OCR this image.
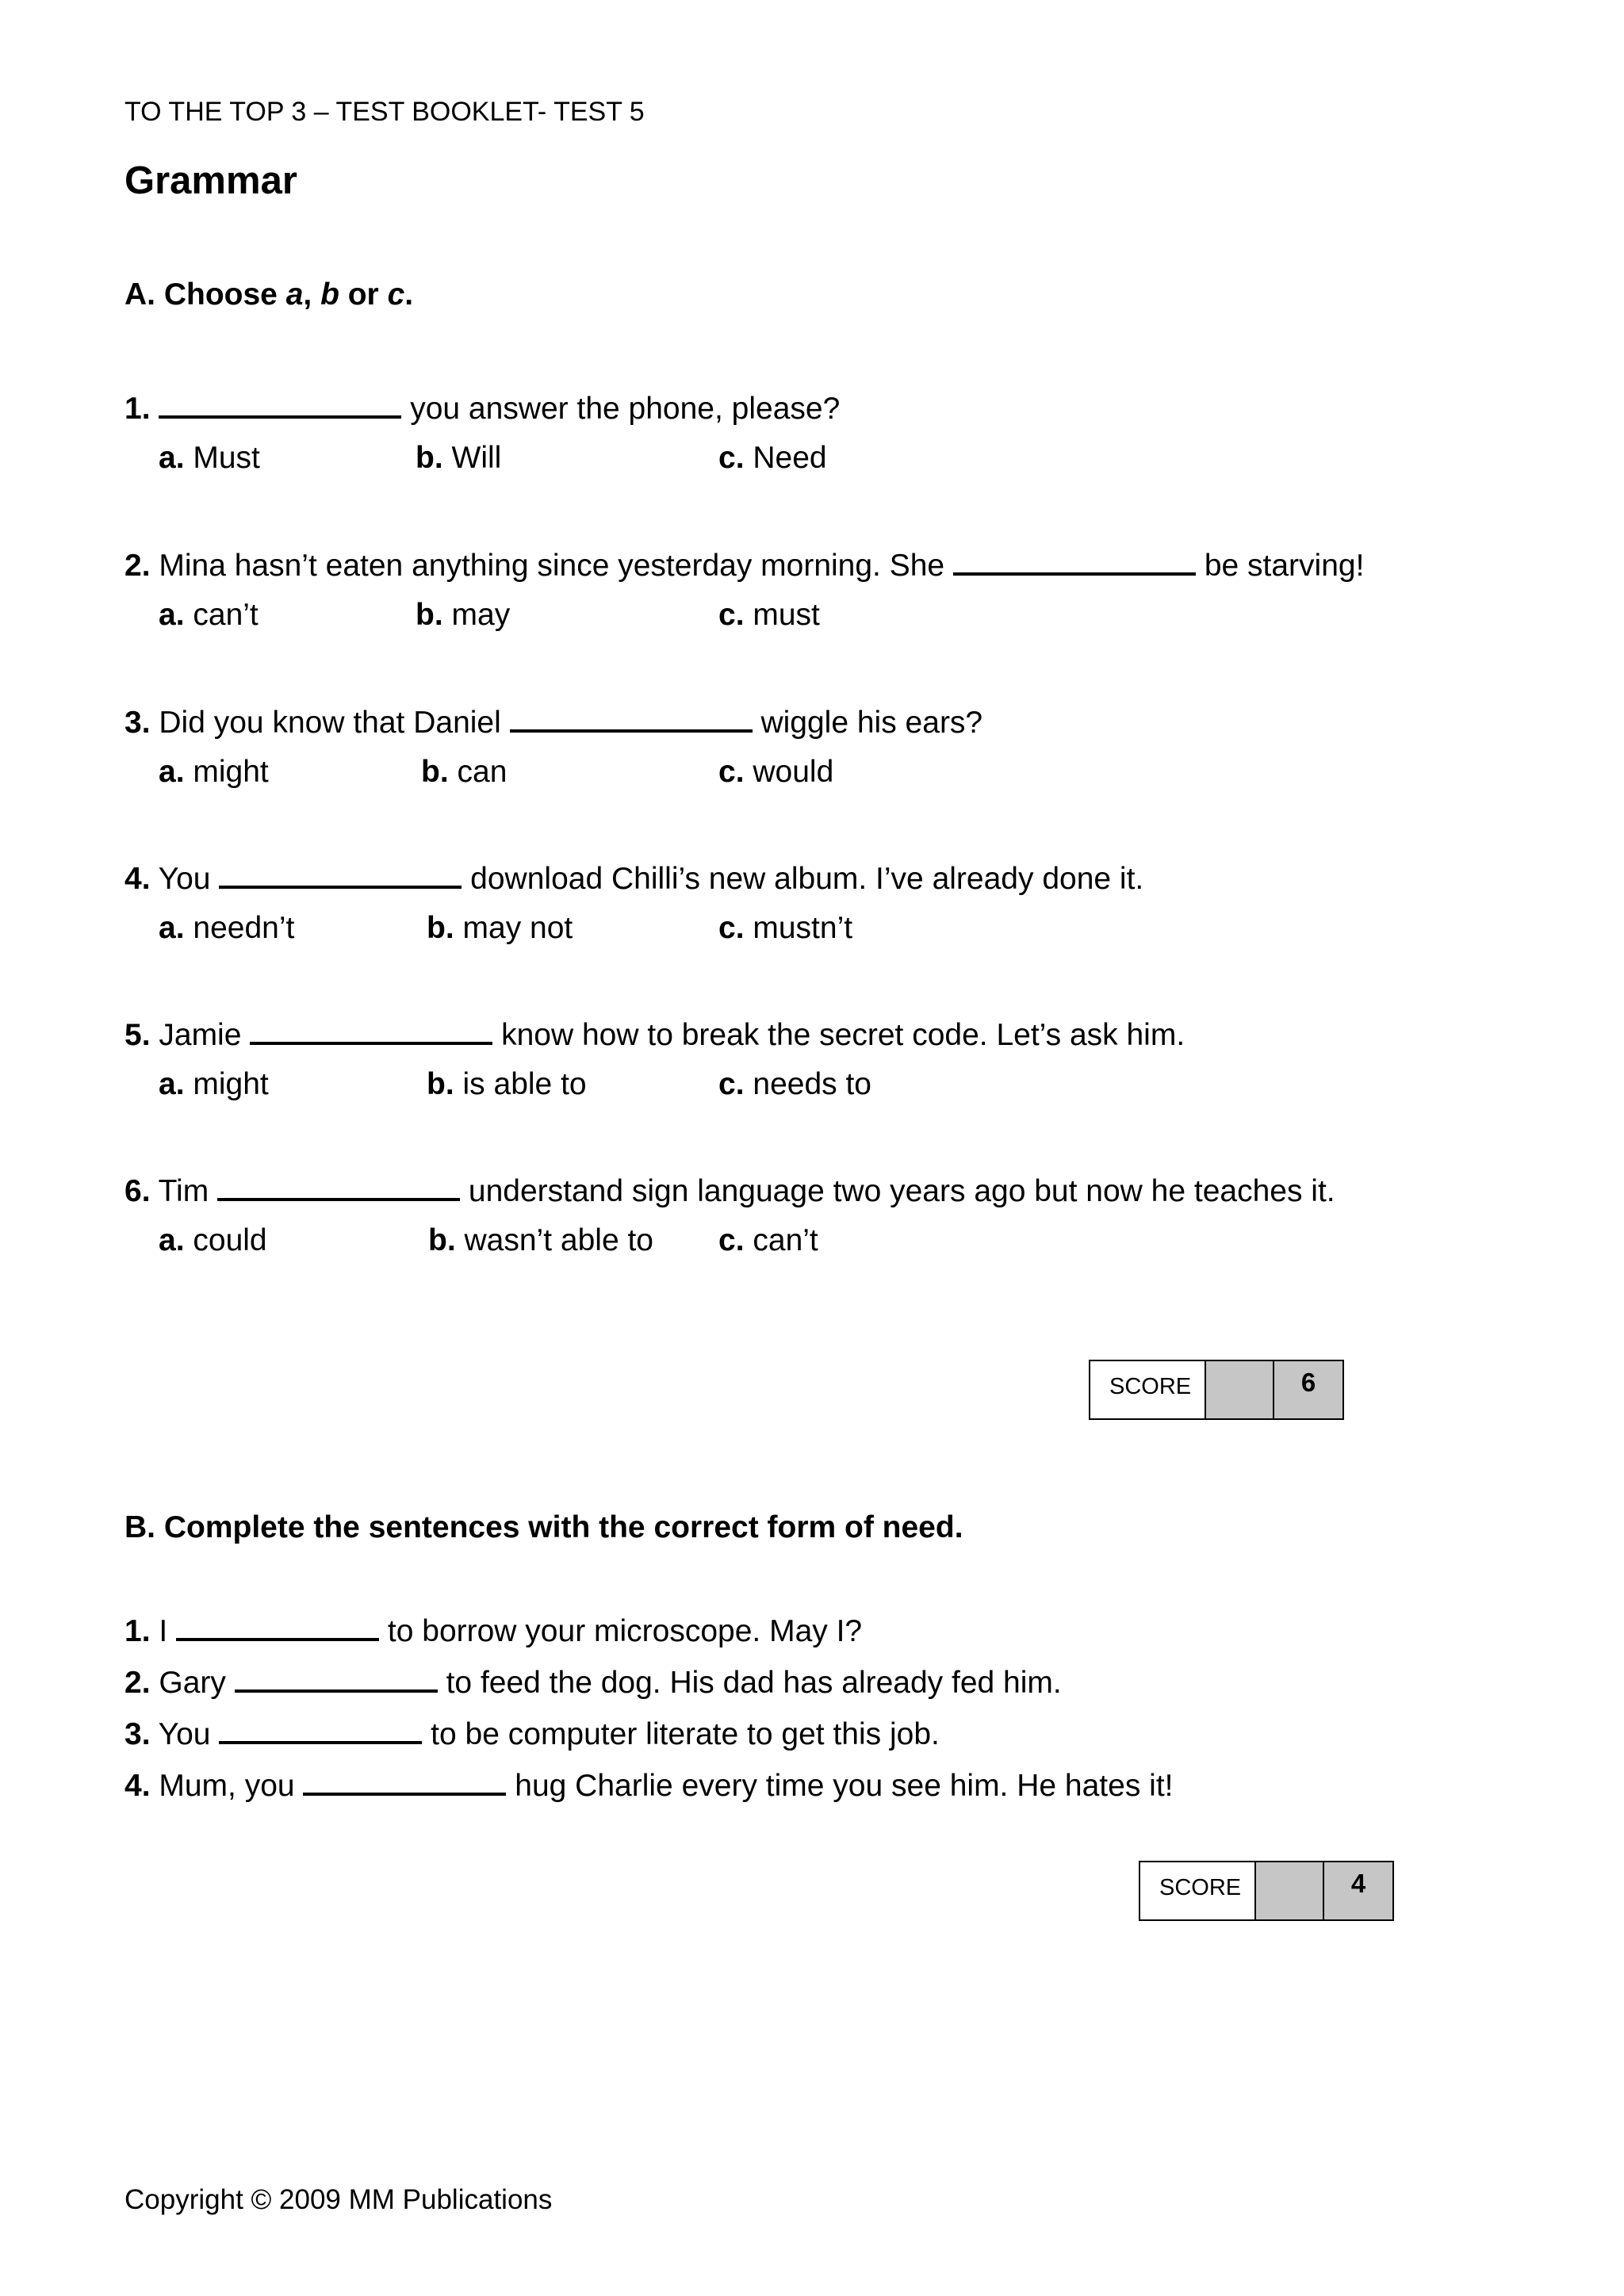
TO THE TOP 3 – TEST BOOKLET- TEST 5
Grammar
A. Choose a, b or c.
1.	you answer the phone, please?
a. Must	b. Will	c. Need
2. Mina hasn’t eaten anything since yesterday morning. She	be starving!
a. can’t	b. may	c. must
3. Did you know that Daniel	wiggle his ears?
a. might	b. can	c. would
4. You	download Chilli’s new album. I’ve already done it.
a. needn’t	b. may not	c. mustn’t
5. Jamie	know how to break the secret code. Let’s ask him.
a. might	b. is able to	c. needs to
6. Tim	understand sign language two years ago but now he teaches it.
a. could	b. wasn’t able to c. can’t
SCORE	6
B. Complete the sentences with the correct form of need.
1. I	to borrow your microscope. May I?
2. Gary	to feed the dog. His dad has already fed him.
3. You	to be computer literate to get this job.
4. Mum, you	hug Charlie every time you see him. He hates it!
SCORE	4
Copyright © 2009 MM Publications
